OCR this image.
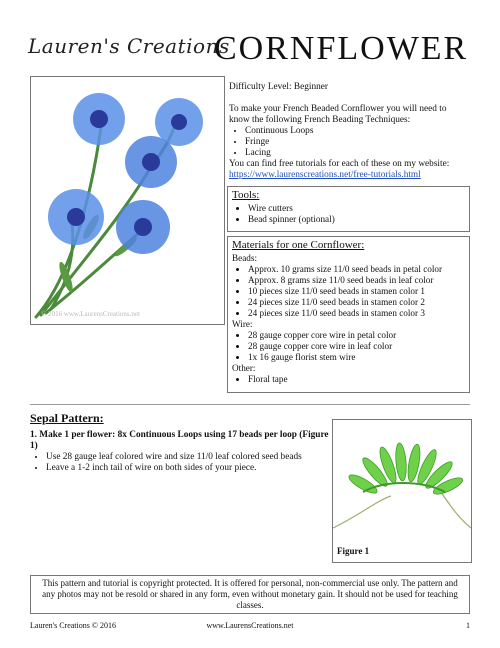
Lauren's Creations
CORNFLOWER
© 2016 www.LaurensCreations.net

Difficulty Level: Beginner

To make your French Beaded Cornflower you will need to know the following French Beading Techniques:

• Continuous Loops
• Fringe
• Lacing

You can find free tutorials for each of these on my website:

https://www.laurenscreations.net/free-tutorials.html
Tools:
• Wire cutters
• Bead spinner (optional)
Materials for one Cornflower:
Beads:
• Approx. 10 grams size 11/0 seed beads in petal color
• Approx. 8 grams size 11/0 seed beads in leaf color
• 10 pieces size 11/0 seed beads in stamen color 1
• 24 pieces size 11/0 seed beads in stamen color 2
• 24 pieces size 11/0 seed beads in stamen color 3
Wire:
• 28 gauge copper core wire in petal color
• 28 gauge copper core wire in leaf color
• 1x 16 gauge florist stem wire
Other:
• Floral tape
Sepal Pattern:

1. Make 1 per flower: 8x Continuous Loops using 17 beads per loop (Figure 1)

• Use 28 gauge leaf colored wire and size 11/0 leaf colored seed beads
• Leave a 1-2 inch tail of wire on both sides of your piece.
Figure 1
This pattern and tutorial is copyright protected. It is offered for personal, non-commercial use only. The pattern and any photos may not be resold or shared in any form, even without monetary gain. It should not be used for teaching classes.
Lauren's Creations © 2016	www.LaurensCreations.net	1
